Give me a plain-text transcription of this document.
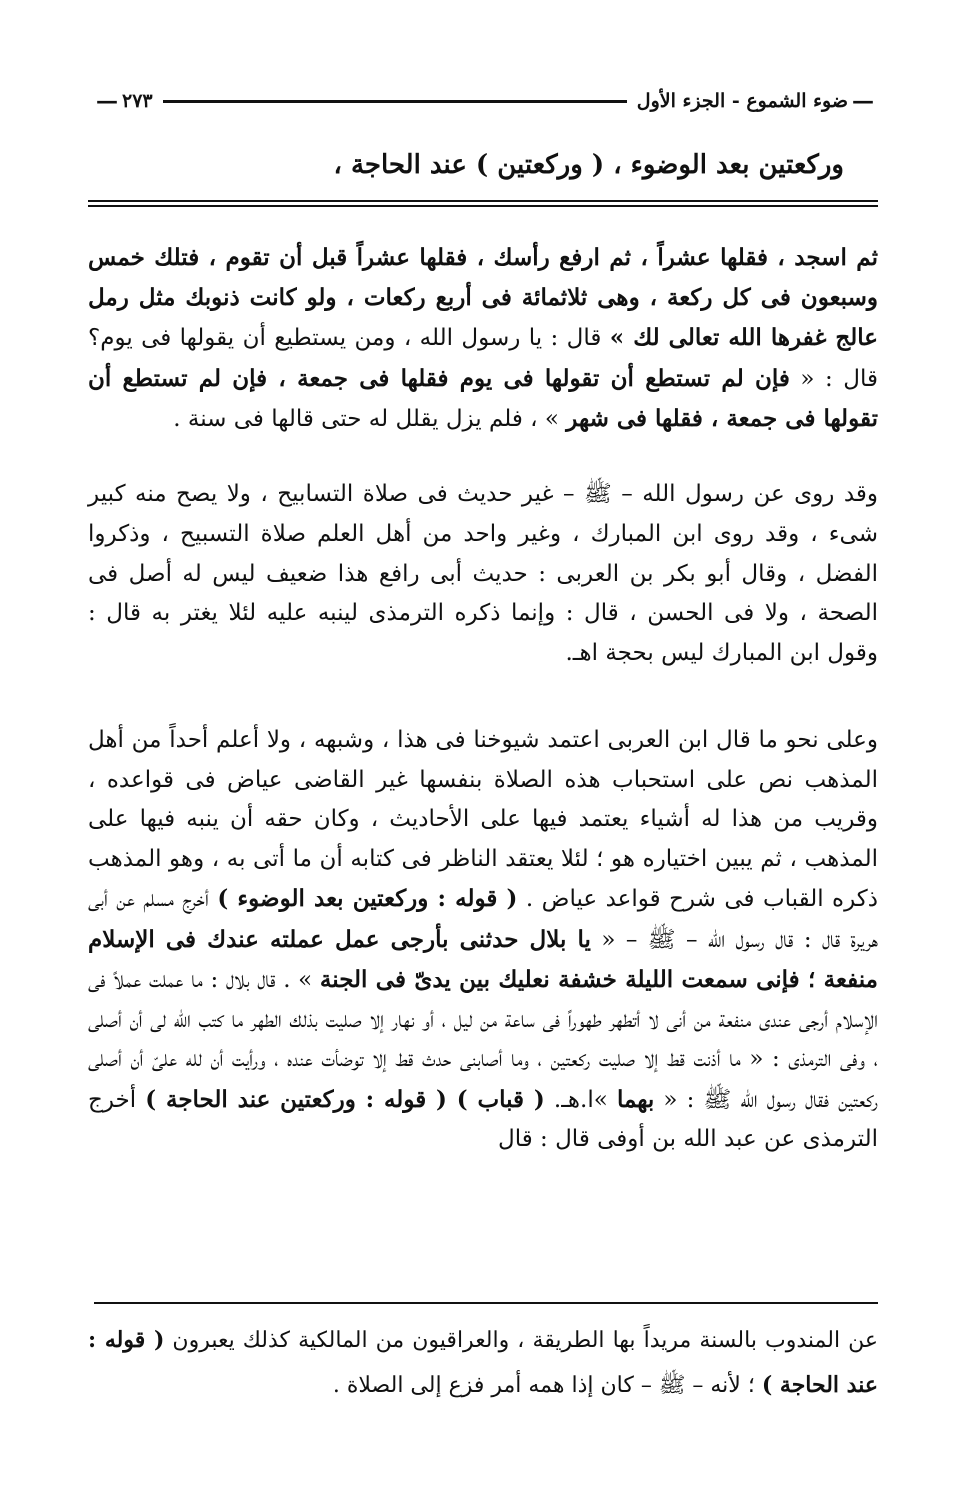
—
ضوء الشموع - الجزء الأول
٢٧٣
—
وركعتين بعد الوضوء ، ( وركعتين ) عند الحاجة ،

ثم اسجد ، فقلها عشراً ، ثم ارفع رأسك ، فقلها عشراً قبل أن تقوم ، فتلك خمس وسبعون فى كل ركعة ، وهى ثلاثمائة فى أربع ركعات ، ولو كانت ذنوبك مثل رمل عالج غفرها الله تعالى لك » قال : يا رسول الله ، ومن يستطيع أن يقولها فى يوم؟ قال : « فإن لم تستطع أن تقولها فى يوم فقلها فى جمعة ، فإن لم تستطع أن تقولها فى جمعة ، فقلها فى شهر » ، فلم يزل يقلل له حتى قالها فى سنة .

وقد روى عن رسول الله – ﷺ – غير حديث فى صلاة التسابيح ، ولا يصح منه كبير شىء ، وقد روى ابن المبارك ، وغير واحد من أهل العلم صلاة التسبيح ، وذكروا الفضل ، وقال أبو بكر بن العربى : حديث أبى رافع هذا ضعيف ليس له أصل فى الصحة ، ولا فى الحسن ، قال : وإنما ذكره الترمذى لينبه عليه لئلا يغتر به قال : وقول ابن المبارك ليس بحجة اهـ.

وعلى نحو ما قال ابن العربى اعتمد شيوخنا فى هذا ، وشبهه ، ولا أعلم أحداً من أهل المذهب نص على استحباب هذه الصلاة بنفسها غير القاضى عياض فى قواعده ، وقريب من هذا له أشياء يعتمد فيها على الأحاديث ، وكان حقه أن ينبه فيها على المذهب ، ثم يبين اختياره هو ؛ لئلا يعتقد الناظر فى كتابه أن ما أتى به ، وهو المذهب ذكره القباب فى شرح قواعد عياض . ( قوله : وركعتين بعد الوضوء ) أخرج مسلم عن أبى هريرة قال : قال رسول الله – ﷺ – « يا بلال حدثنى بأرجى عمل عملته عندك فى الإسلام منفعة ؛ فإنى سمعت الليلة خشفة نعليك بين يدىّ فى الجنة » . قال بلال : ما عملت عملاً فى الإسلام أرجى عندى منفعة من أنى لا أتطهر طهوراً فى ساعة من ليل ، أو نهار إلا صليت بذلك الطهر ما كتب الله لى أن أصلى ، وفى الترمذى : « ما أذنت قط إلا صليت ركعتين ، وما أصابنى حدث قط إلا توضأت عنده ، ورأيت أن لله علىّ أن أصلى ركعتين فقال رسول الله ﷺ : « بهما »ا.هـ. ( قباب ) ( قوله : وركعتين عند الحاجة ) أخرج الترمذى عن عبد الله بن أوفى قال : قال

عن المندوب بالسنة مريداً بها الطريقة ، والعراقيون من المالكية كذلك يعبرون ( قوله : عند الحاجة ) ؛ لأنه – ﷺ – كان إذا همه أمر فزع إلى الصلاة .
